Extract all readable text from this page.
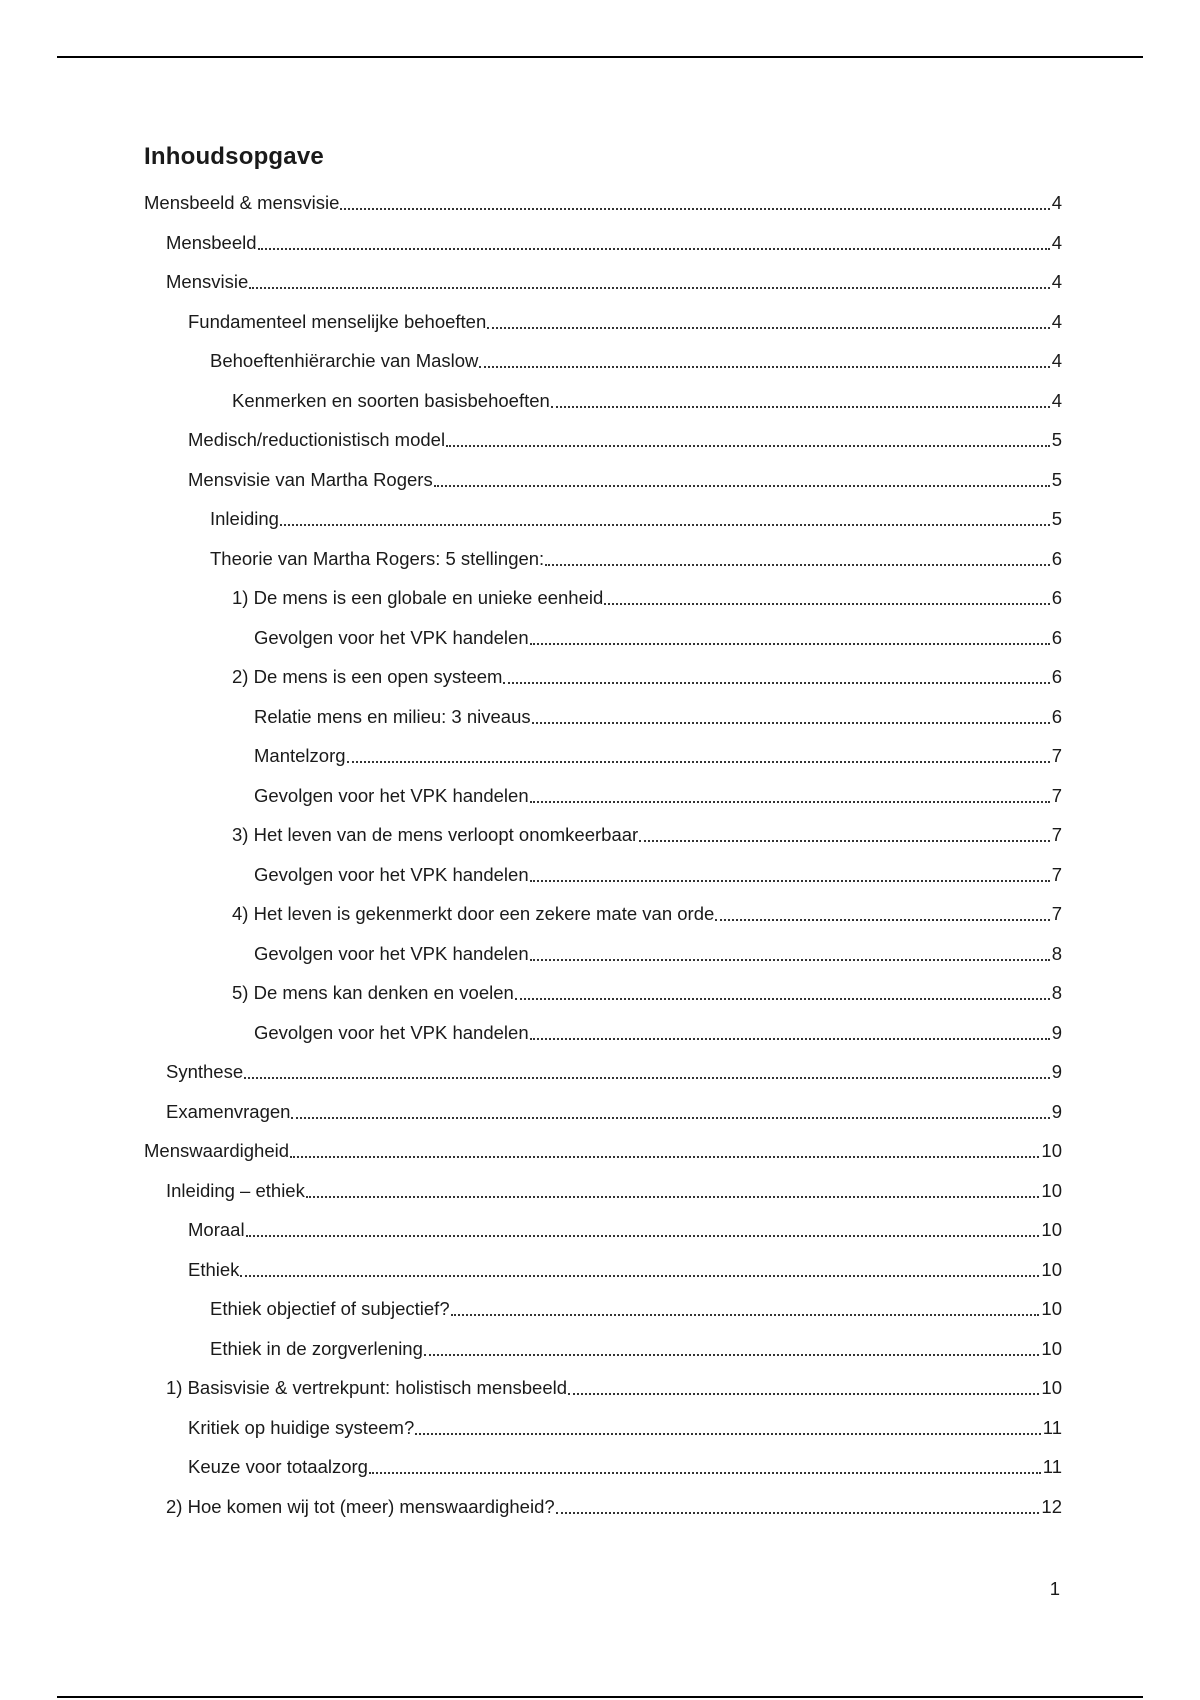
Inhoudsopgave
Mensbeeld & mensvisie	4
Mensbeeld	4
Mensvisie	4
Fundamenteel menselijke behoeften	4
Behoeftenhiërarchie van Maslow	4
Kenmerken en soorten basisbehoeften	4
Medisch/reductionistisch model	5
Mensvisie van Martha Rogers	5
Inleiding	5
Theorie van Martha Rogers: 5 stellingen:	6
1) De mens is een globale en unieke eenheid	6
Gevolgen voor het VPK handelen	6
2) De mens is een open systeem	6
Relatie mens en milieu: 3 niveaus	6
Mantelzorg	7
Gevolgen voor het VPK handelen	7
3) Het leven van de mens verloopt onomkeerbaar	7
Gevolgen voor het VPK handelen	7
4) Het leven is gekenmerkt door een zekere mate van orde	7
Gevolgen voor het VPK handelen	8
5) De mens kan denken en voelen	8
Gevolgen voor het VPK handelen	9
Synthese	9
Examenvragen	9
Menswaardigheid	10
Inleiding – ethiek	10
Moraal	10
Ethiek	10
Ethiek objectief of subjectief?	10
Ethiek in de zorgverlening	10
1) Basisvisie & vertrekpunt: holistisch mensbeeld	10
Kritiek op huidige systeem?	11
Keuze voor totaalzorg	11
2) Hoe komen wij tot (meer) menswaardigheid?	12
1
